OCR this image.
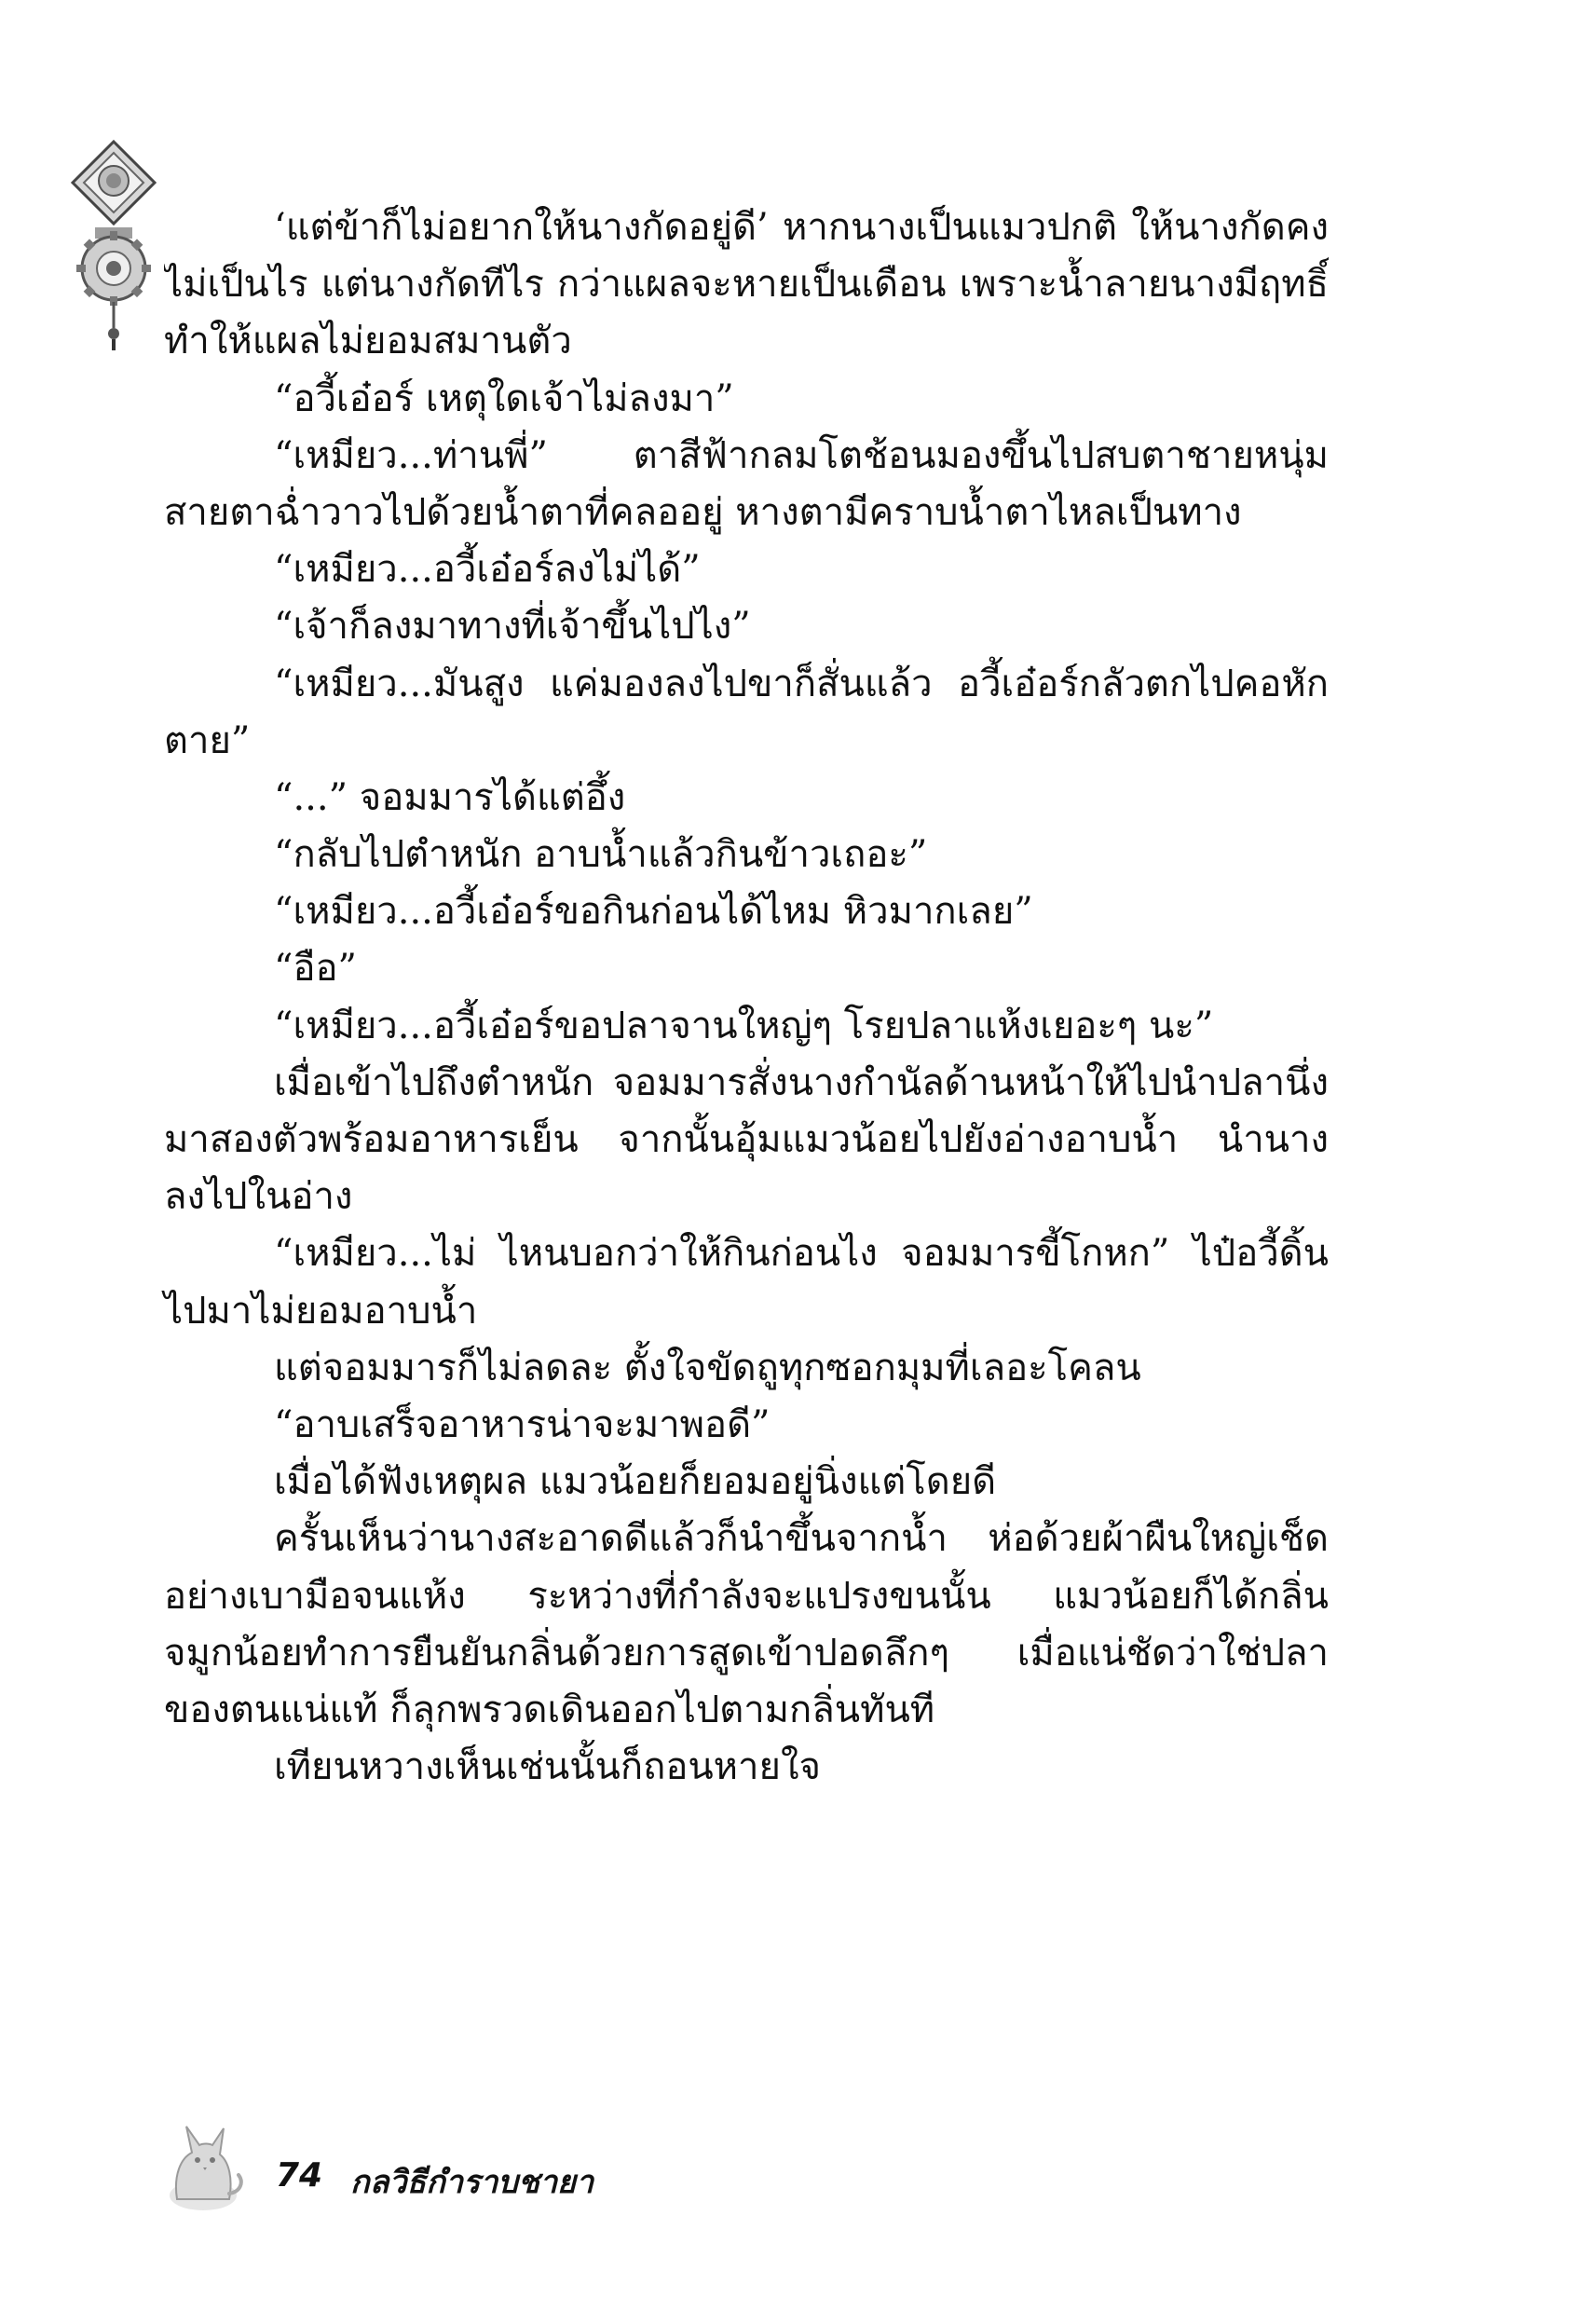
‘แต่ข้าก็ไม่อยากให้นางกัดอยู่ดี’ หากนางเป็นแมวปกติ ให้นางกัดคง
ไม่เป็นไร แต่นางกัดทีไร กว่าแผลจะหายเป็นเดือน เพราะน้ำลายนางมีฤทธิ์
ทำให้แผลไม่ยอมสมานตัว
“อวี้เอ๋อร์ เหตุใดเจ้าไม่ลงมา”
“เหมียว...ท่านพี่” ตาสีฟ้ากลมโตช้อนมองขึ้นไปสบตาชายหนุ่ม
สายตาฉ่ำวาวไปด้วยน้ำตาที่คลออยู่ หางตามีคราบน้ำตาไหลเป็นทาง
“เหมียว...อวี้เอ๋อร์ลงไม่ได้”
“เจ้าก็ลงมาทางที่เจ้าขึ้นไปไง”
“เหมียว...มันสูง แค่มองลงไปขาก็สั่นแล้ว อวี้เอ๋อร์กลัวตกไปคอหัก
ตาย”
“...” จอมมารได้แต่อึ้ง
“กลับไปตำหนัก อาบน้ำแล้วกินข้าวเถอะ”
“เหมียว...อวี้เอ๋อร์ขอกินก่อนได้ไหม หิวมากเลย”
“อือ”
“เหมียว...อวี้เอ๋อร์ขอปลาจานใหญ่ๆ โรยปลาแห้งเยอะๆ นะ”
เมื่อเข้าไปถึงตำหนัก จอมมารสั่งนางกำนัลด้านหน้าให้ไปนำปลานึ่ง
มาสองตัวพร้อมอาหารเย็น จากนั้นอุ้มแมวน้อยไปยังอ่างอาบน้ำ นำนาง
ลงไปในอ่าง
“เหมียว...ไม่ ไหนบอกว่าให้กินก่อนไง จอมมารขี้โกหก” ไป๋อวี้ดิ้น
ไปมาไม่ยอมอาบน้ำ
แต่จอมมารก็ไม่ลดละ ตั้งใจขัดถูทุกซอกมุมที่เลอะโคลน
“อาบเสร็จอาหารน่าจะมาพอดี”
เมื่อได้ฟังเหตุผล แมวน้อยก็ยอมอยู่นิ่งแต่โดยดี
ครั้นเห็นว่านางสะอาดดีแล้วก็นำขึ้นจากน้ำ ห่อด้วยผ้าผืนใหญ่เช็ด
อย่างเบามือจนแห้ง ระหว่างที่กำลังจะแปรงขนนั้น แมวน้อยก็ได้กลิ่น
จมูกน้อยทำการยืนยันกลิ่นด้วยการสูดเข้าปอดลึกๆ เมื่อแน่ชัดว่าใช่ปลา
ของตนแน่แท้ ก็ลุกพรวดเดินออกไปตามกลิ่นทันที
เทียนหวางเห็นเช่นนั้นก็ถอนหายใจ
74 กลวิธีกำราบชายา
